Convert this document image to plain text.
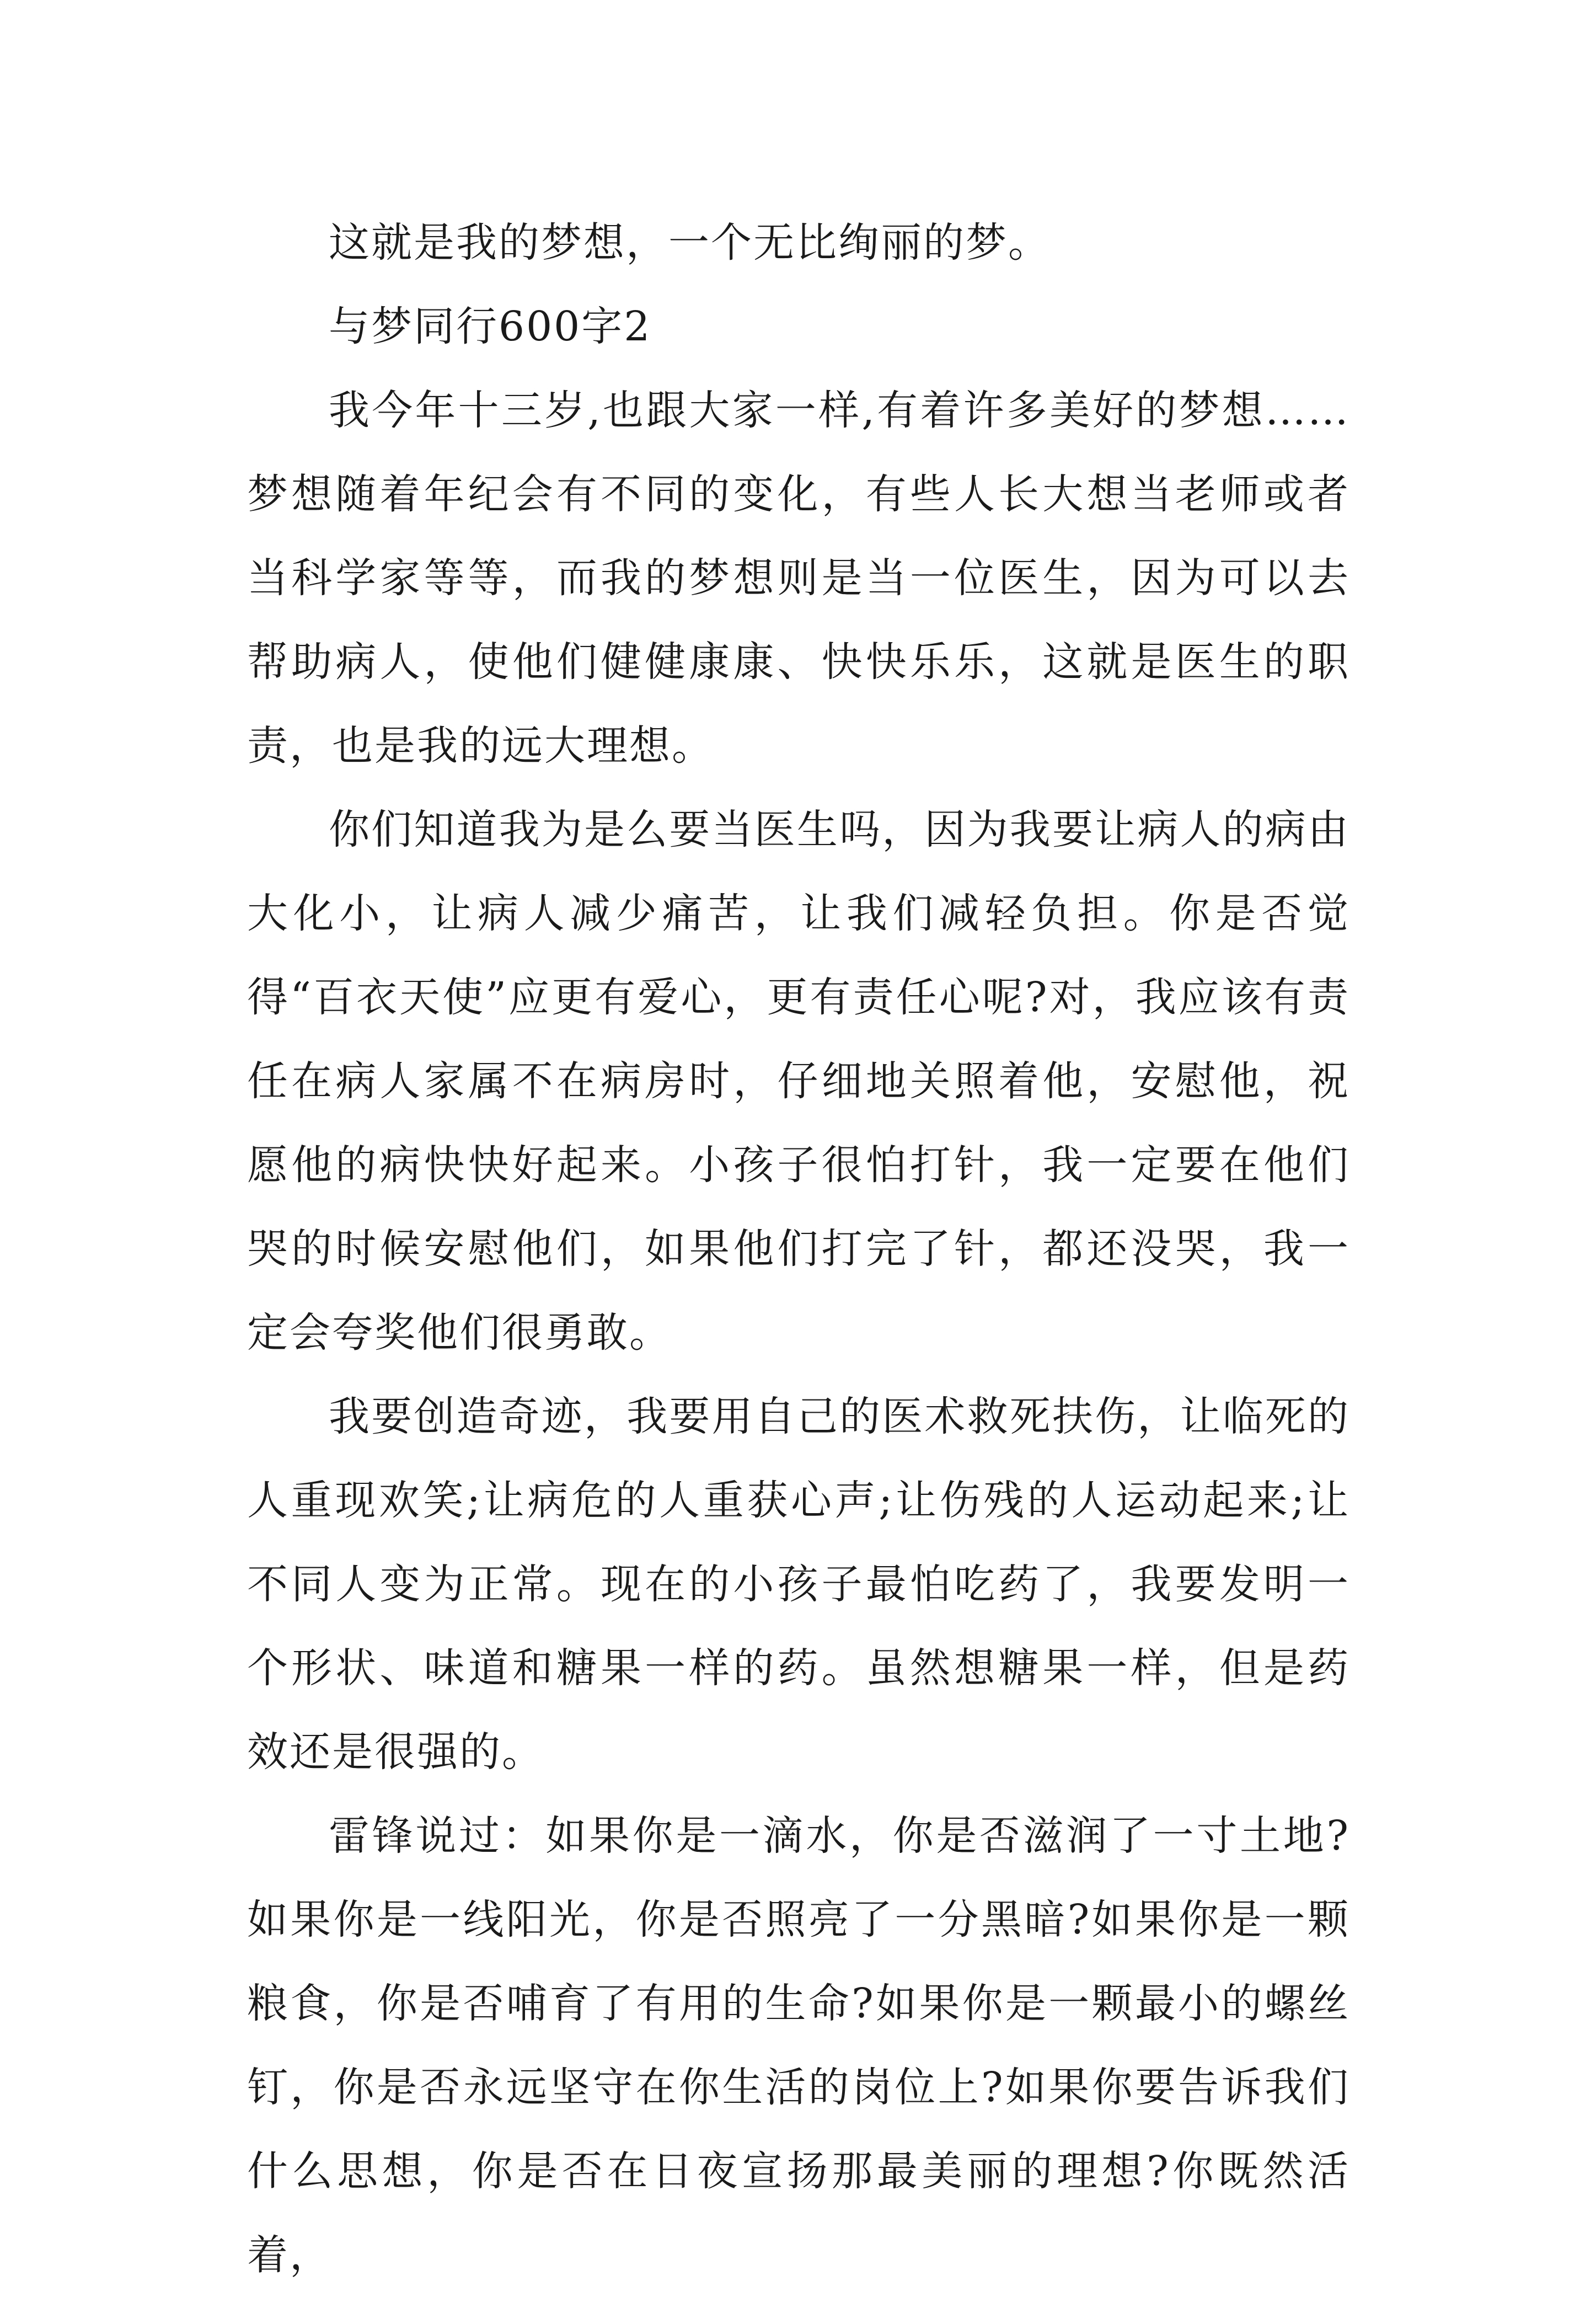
这就是我的梦想，一个无比绚丽的梦。

与梦同行600字2

我今年十三岁,也跟大家一样,有着许多美好的梦想……梦想随着年纪会有不同的变化，有些人长大想当老师或者当科学家等等，而我的梦想则是当一位医生，因为可以去帮助病人，使他们健健康康、快快乐乐，这就是医生的职责，也是我的远大理想。

你们知道我为是么要当医生吗，因为我要让病人的病由大化小，让病人减少痛苦，让我们减轻负担。你是否觉得“百衣天使”应更有爱心，更有责任心呢?对，我应该有责任在病人家属不在病房时，仔细地关照着他，安慰他，祝愿他的病快快好起来。小孩子很怕打针，我一定要在他们哭的时候安慰他们，如果他们打完了针，都还没哭，我一定会夸奖他们很勇敢。

我要创造奇迹，我要用自己的医术救死扶伤，让临死的人重现欢笑;让病危的人重获心声;让伤残的人运动起来;让不同人变为正常。现在的小孩子最怕吃药了，我要发明一个形状、味道和糖果一样的药。虽然想糖果一样，但是药效还是很强的。

雷锋说过：如果你是一滴水，你是否滋润了一寸土地?如果你是一线阳光，你是否照亮了一分黑暗?如果你是一颗粮食，你是否哺育了有用的生命?如果你是一颗最小的螺丝钉，你是否永远坚守在你生活的岗位上?如果你要告诉我们什么思想，你是否在日夜宣扬那最美丽的理想?你既然活着，
